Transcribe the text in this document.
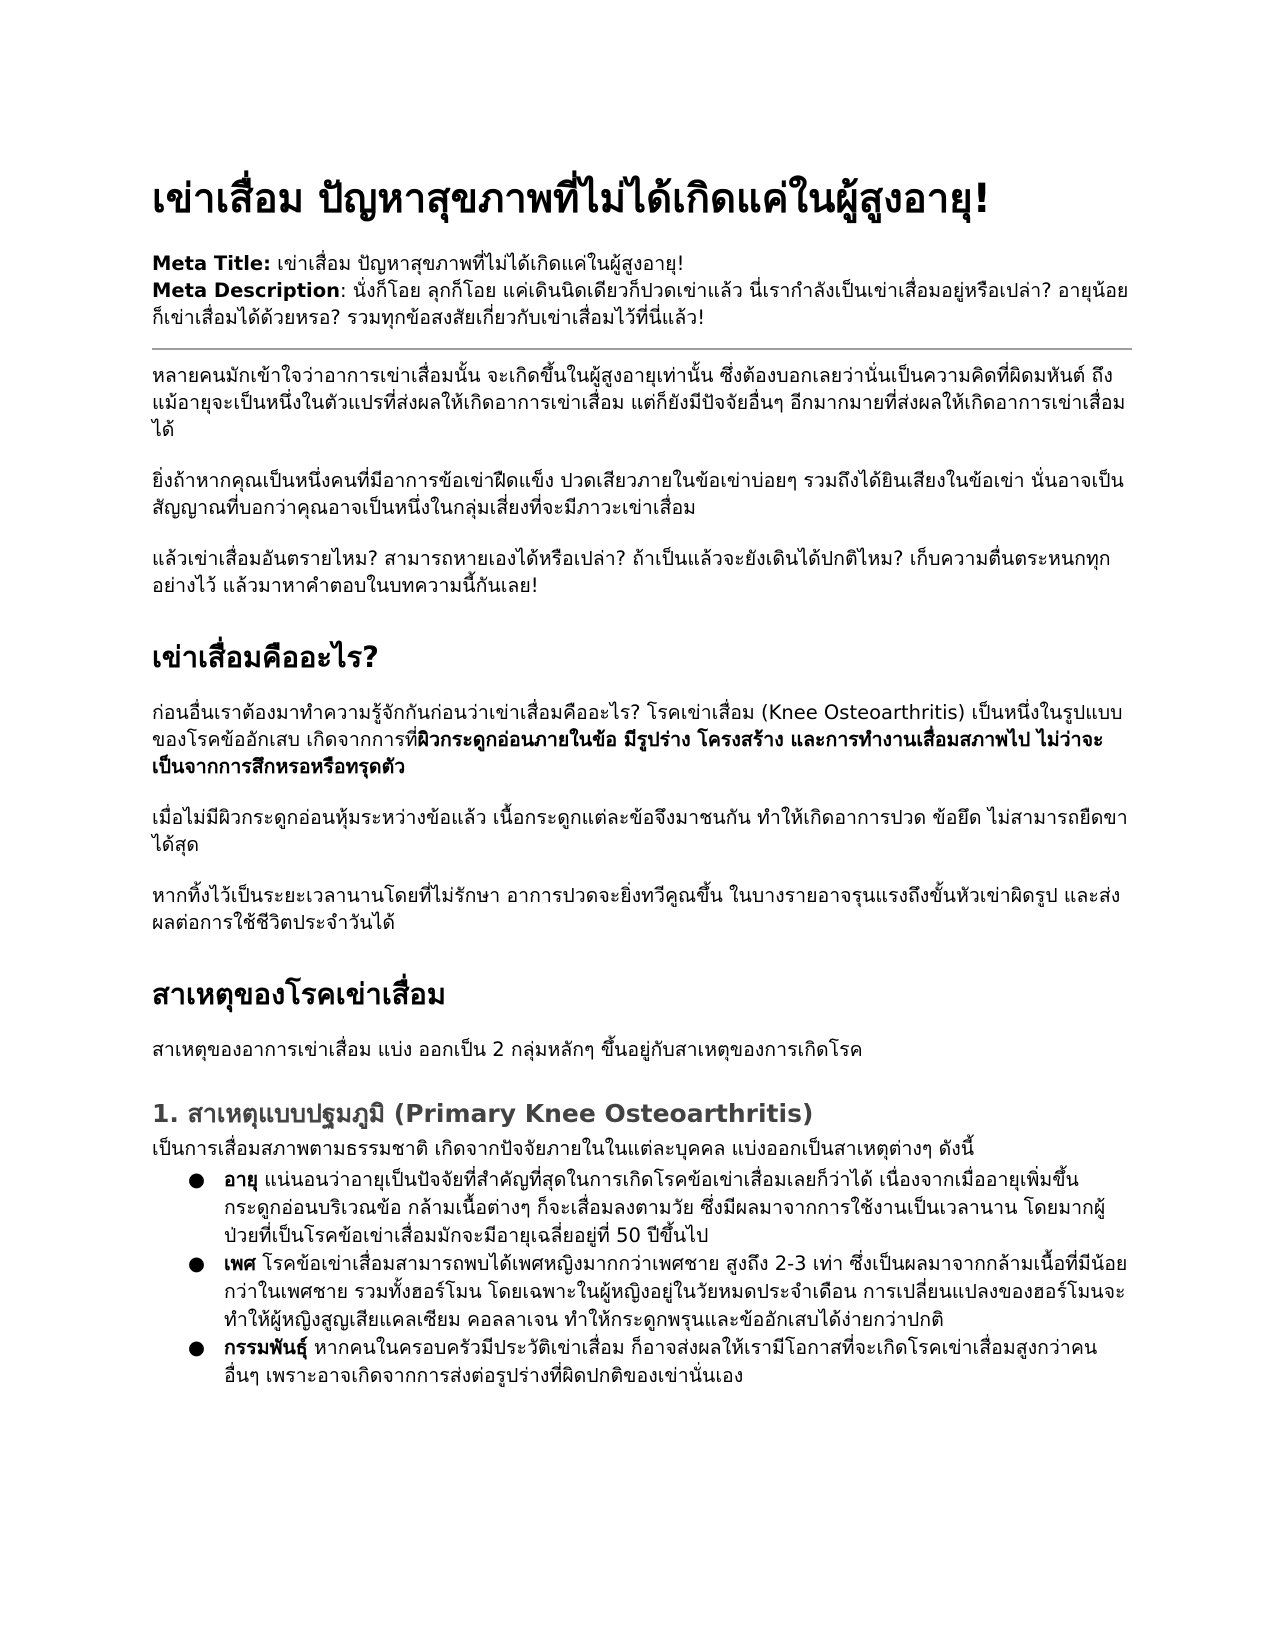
เข่าเสื่อม ปัญหาสุขภาพที่ไม่ได้เกิดแค่ในผู้สูงอายุ!
Meta Title: เข่าเสื่อม ปัญหาสุขภาพที่ไม่ได้เกิดแค่ในผู้สูงอายุ!
Meta Description: นั่งก็โอย ลุกก็โอย แค่เดินนิดเดียวก็ปวดเข่าแล้ว นี่เรากำลังเป็นเข่าเสื่อมอยู่หรือเปล่า? อายุน้อยก็เข่าเสื่อมได้ด้วยหรอ? รวมทุกข้อสงสัยเกี่ยวกับเข่าเสื่อมไว้ที่นี่แล้ว!

หลายคนมักเข้าใจว่าอาการเข่าเสื่อมนั้น จะเกิดขึ้นในผู้สูงอายุเท่านั้น ซึ่งต้องบอกเลยว่านั่นเป็นความคิดที่ผิดมหันต์ ถึงแม้อายุจะเป็นหนึ่งในตัวแปรที่ส่งผลให้เกิดอาการเข่าเสื่อม แต่ก็ยังมีปัจจัยอื่นๆ อีกมากมายที่ส่งผลให้เกิดอาการเข่าเสื่อม ได้

ยิ่งถ้าหากคุณเป็นหนึ่งคนที่มีอาการข้อเข่าฝืดแข็ง ปวดเสียวภายในข้อเข่าบ่อยๆ รวมถึงได้ยินเสียงในข้อเข่า นั่นอาจเป็นสัญญาณที่บอกว่าคุณอาจเป็นหนึ่งในกลุ่มเสี่ยงที่จะมีภาวะเข่าเสื่อม

แล้วเข่าเสื่อมอันตรายไหม? สามารถหายเองได้หรือเปล่า? ถ้าเป็นแล้วจะยังเดินได้ปกติไหม? เก็บความตื่นตระหนกทุกอย่างไว้ แล้วมาหาคำตอบในบทความนี้กันเลย!

เข่าเสื่อมคืออะไร?

ก่อนอื่นเราต้องมาทำความรู้จักกันก่อนว่าเข่าเสื่อมคืออะไร? โรคเข่าเสื่อม (Knee Osteoarthritis) เป็นหนึ่งในรูปแบบของโรคข้ออักเสบ เกิดจากการที่ผิวกระดูกอ่อนภายในข้อ มีรูปร่าง โครงสร้าง และการทำงานเสื่อมสภาพไป ไม่ว่าจะเป็นจากการสึกหรอหรือทรุดตัว

เมื่อไม่มีผิวกระดูกอ่อนหุ้มระหว่างข้อแล้ว เนื้อกระดูกแต่ละข้อจึงมาชนกัน ทำให้เกิดอาการปวด ข้อยึด ไม่สามารถยืดขาได้สุด

หากทิ้งไว้เป็นระยะเวลานานโดยที่ไม่รักษา อาการปวดจะยิ่งทวีคูณขึ้น ในบางรายอาจรุนแรงถึงขั้นหัวเข่าผิดรูป และส่งผลต่อการใช้ชีวิตประจำวันได้

สาเหตุของโรคเข่าเสื่อม

สาเหตุของอาการเข่าเสื่อม แบ่ง ออกเป็น 2 กลุ่มหลักๆ ขึ้นอยู่กับสาเหตุของการเกิดโรค

1. สาเหตุแบบปฐมภูมิ (Primary Knee Osteoarthritis)

เป็นการเสื่อมสภาพตามธรรมชาติ เกิดจากปัจจัยภายในในแต่ละบุคคล แบ่งออกเป็นสาเหตุต่างๆ ดังนี้

● อายุ แน่นอนว่าอายุเป็นปัจจัยที่สำคัญที่สุดในการเกิดโรคข้อเข่าเสื่อมเลยก็ว่าได้ เนื่องจากเมื่ออายุเพิ่มขึ้นกระดูกอ่อนบริเวณข้อ กล้ามเนื้อต่างๆ ก็จะเสื่อมลงตามวัย ซึ่งมีผลมาจากการใช้งานเป็นเวลานาน โดยมากผู้ป่วยที่เป็นโรคข้อเข่าเสื่อมมักจะมีอายุเฉลี่ยอยู่ที่ 50 ปีขึ้นไป
● เพศ โรคข้อเข่าเสื่อมสามารถพบได้เพศหญิงมากกว่าเพศชาย สูงถึง 2-3 เท่า ซึ่งเป็นผลมาจากกล้ามเนื้อที่มีน้อยกว่าในเพศชาย รวมทั้งฮอร์โมน โดยเฉพาะในผู้หญิงอยู่ในวัยหมดประจำเดือน การเปลี่ยนแปลงของฮอร์โมนจะทำให้ผู้หญิงสูญเสียแคลเซียม คอลลาเจน ทำให้กระดูกพรุนและข้ออักเสบได้ง่ายกว่าปกติ
● กรรมพันธุ์ หากคนในครอบครัวมีประวัติเข่าเสื่อม ก็อาจส่งผลให้เรามีโอกาสที่จะเกิดโรคเข่าเสื่อมสูงกว่าคนอื่นๆ เพราะอาจเกิดจากการส่งต่อรูปร่างที่ผิดปกติของเข่านั่นเอง
